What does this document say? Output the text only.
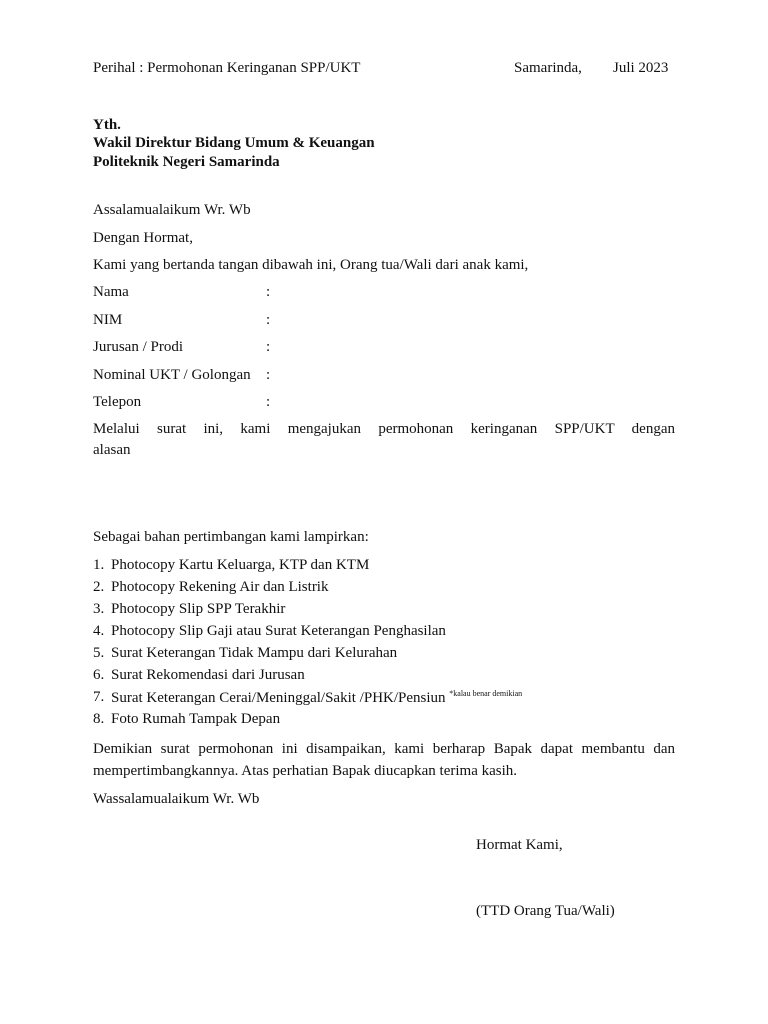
Perihal : Permohonan Keringanan SPP/UKT	Samarinda, Juli 2023
Yth.
Wakil Direktur Bidang Umum & Keuangan
Politeknik Negeri Samarinda
Assalamualaikum Wr. Wb
Dengan Hormat,
Kami yang bertanda tangan dibawah ini, Orang tua/Wali dari anak kami,
Nama	:
NIM	:
Jurusan / Prodi	:
Nominal UKT / Golongan :
Telepon	:
Melalui surat ini, kami mengajukan permohonan keringanan SPP/UKT dengan
alasan
Sebagai bahan pertimbangan kami lampirkan:
1. Photocopy Kartu Keluarga, KTP dan KTM
2. Photocopy Rekening Air dan Listrik
3. Photocopy Slip SPP Terakhir
4. Photocopy Slip Gaji atau Surat Keterangan Penghasilan
5. Surat Keterangan Tidak Mampu dari Kelurahan
6. Surat Rekomendasi dari Jurusan
7. Surat Keterangan Cerai/Meninggal/Sakit /PHK/Pensiun $^{*kalau benar demikian}$
8. Foto Rumah Tampak Depan
Demikian surat permohonan ini disampaikan, kami berharap Bapak dapat membantu dan
mempertimbangkannya. Atas perhatian Bapak diucapkan terima kasih.
Wassalamualaikum Wr. Wb
Hormat Kami,
(TTD Orang Tua/Wali)
